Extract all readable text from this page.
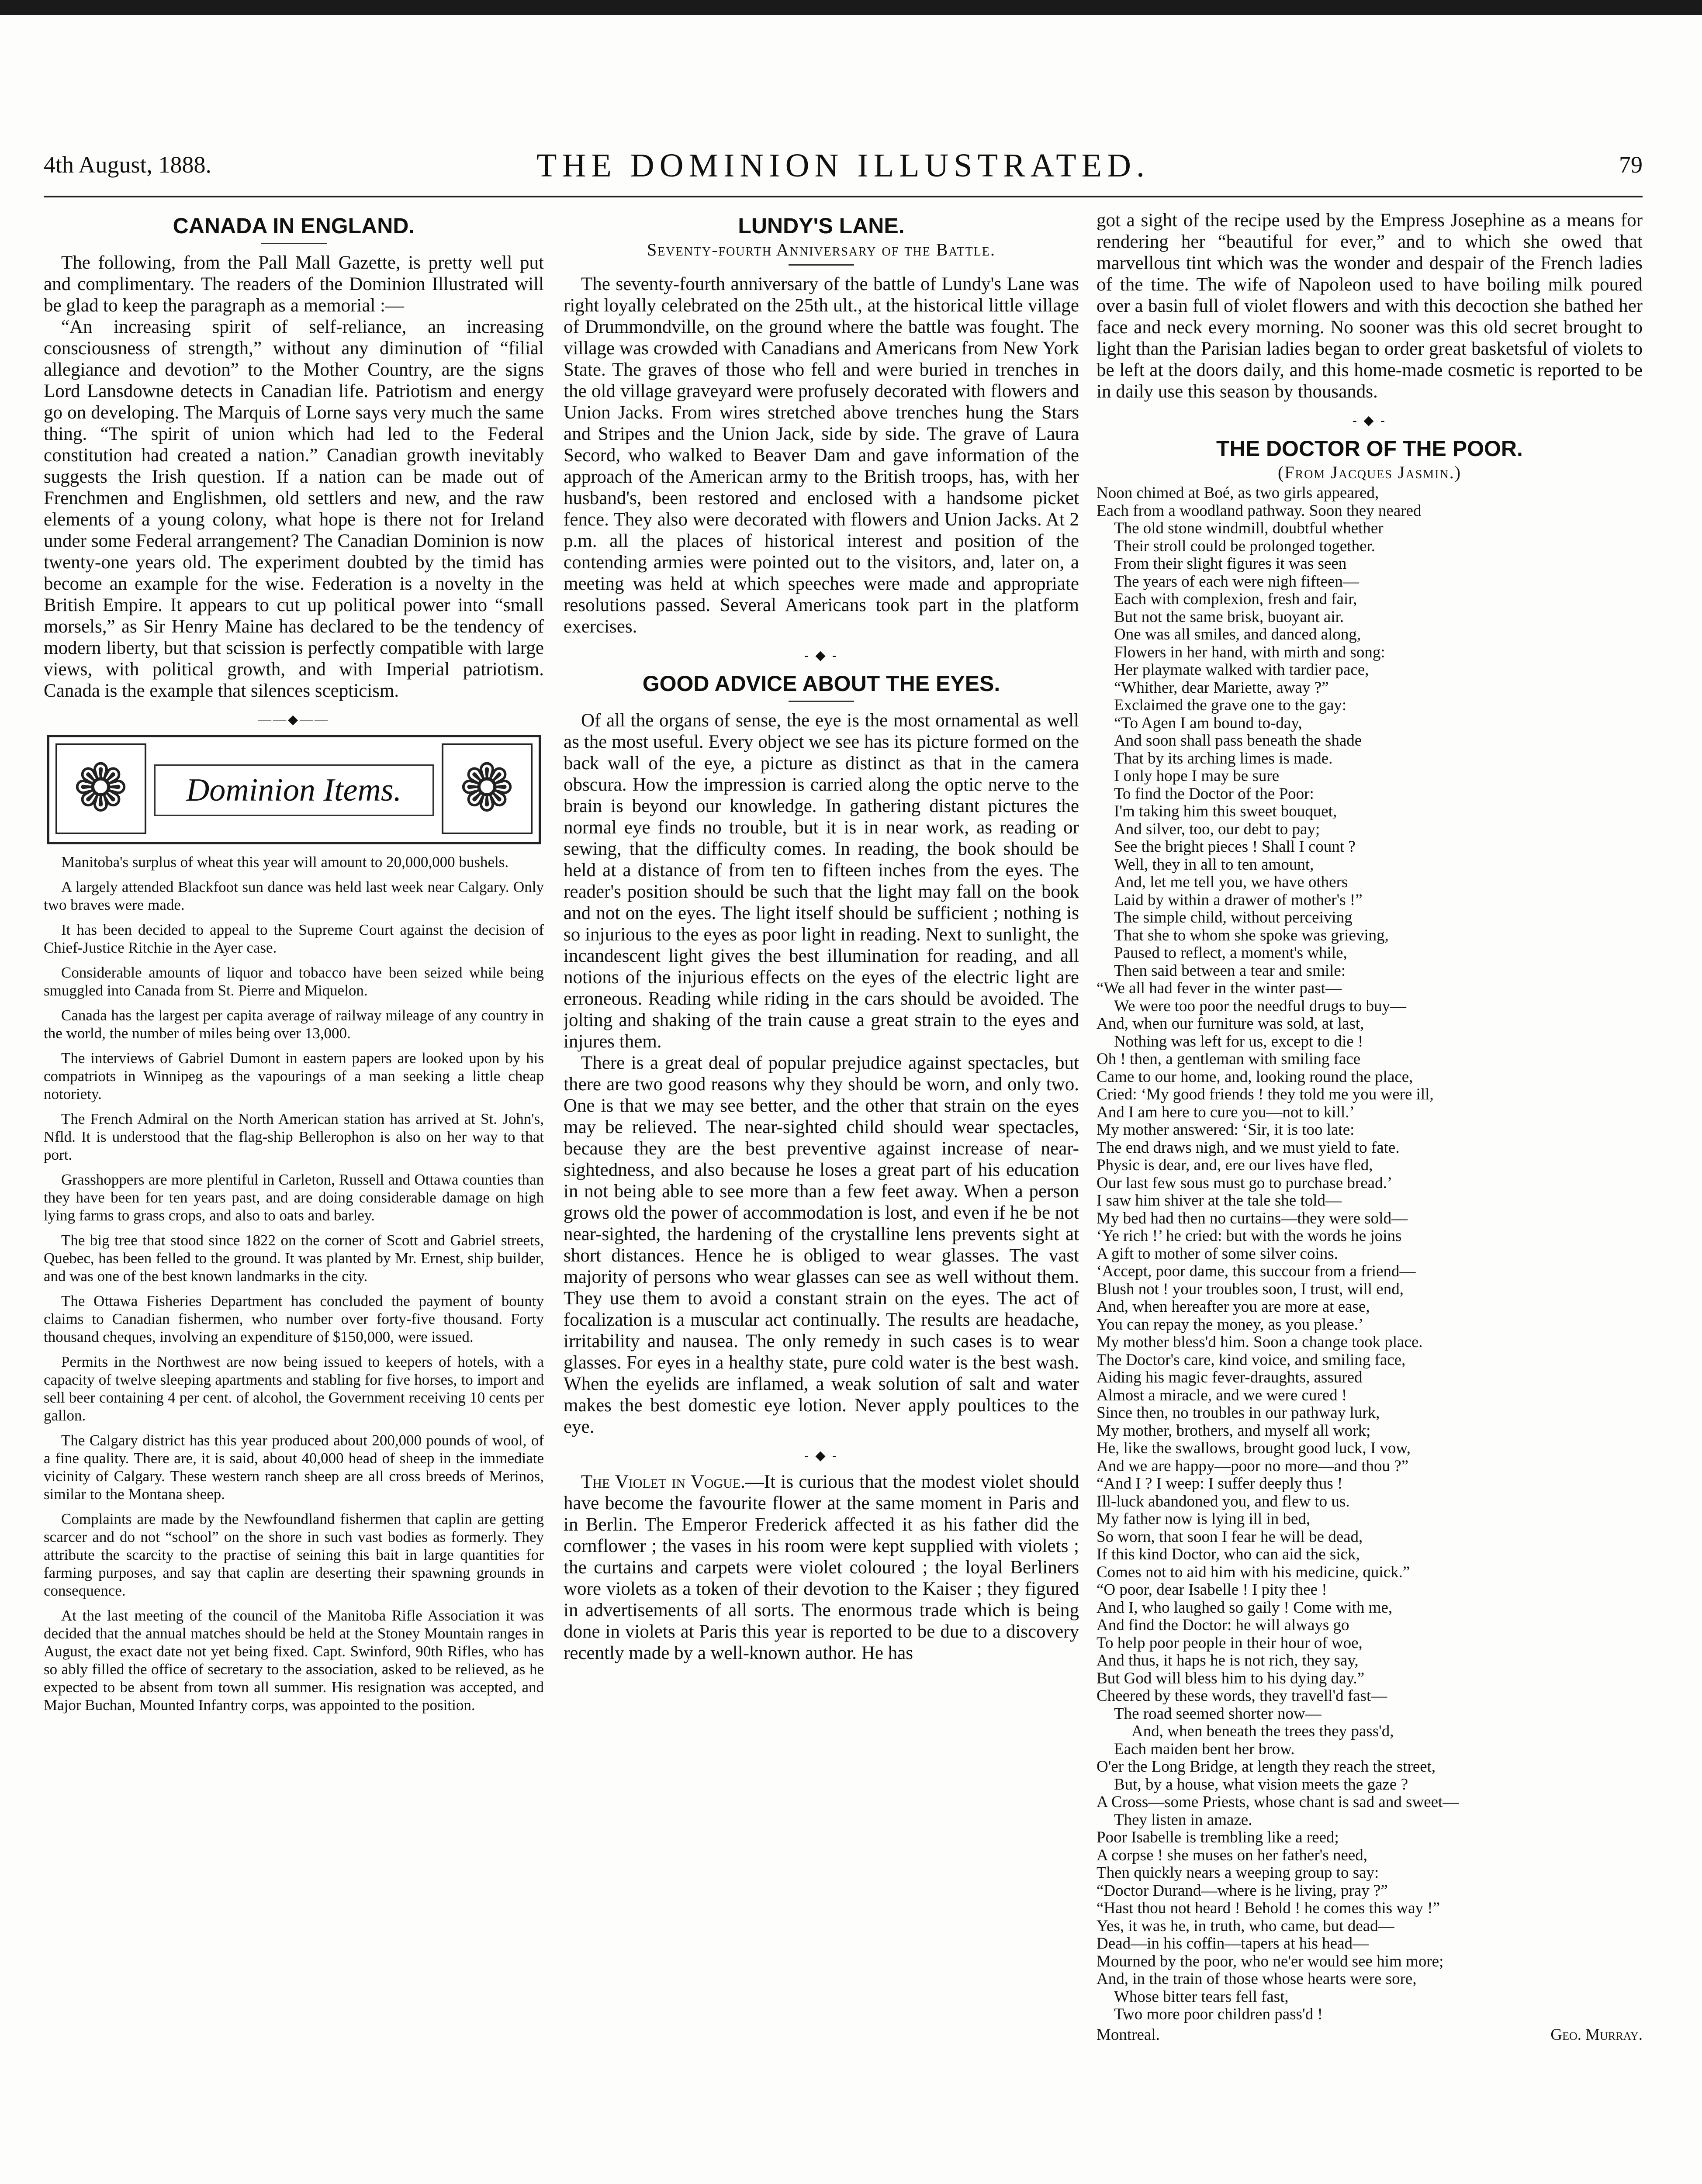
4th August, 1888.	THE DOMINION ILLUSTRATED.	79
CANADA IN ENGLAND.

The following, from the Pall Mall Gazette, is pretty well put and complimentary. The readers of the Dominion Illustrated will be glad to keep the paragraph as a memorial :—

“An increasing spirit of self-reliance, an increasing consciousness of strength,” without any diminution of “filial allegiance and devotion” to the Mother Country, are the signs Lord Lansdowne detects in Canadian life. Patriotism and energy go on developing. The Marquis of Lorne says very much the same thing. “The spirit of union which had led to the Federal constitution had created a nation.” Canadian growth inevitably suggests the Irish question. If a nation can be made out of Frenchmen and Englishmen, old settlers and new, and the raw elements of a young colony, what hope is there not for Ireland under some Federal arrangement? The Canadian Dominion is now twenty-one years old. The experiment doubted by the timid has become an example for the wise. Federation is a novelty in the British Empire. It appears to cut up political power into “small morsels,” as Sir Henry Maine has declared to be the tendency of modern liberty, but that scission is perfectly compatible with large views, with political growth, and with Imperial patriotism. Canada is the example that silences scepticism.

——◆——
❁	Dominion Items. ❁

Manitoba's surplus of wheat this year will amount to 20,000,000 bushels.

A largely attended Blackfoot sun dance was held last week near Calgary. Only two braves were made.

It has been decided to appeal to the Supreme Court against the decision of Chief-Justice Ritchie in the Ayer case.

Considerable amounts of liquor and tobacco have been seized while being smuggled into Canada from St. Pierre and Miquelon.

Canada has the largest per capita average of railway mileage of any country in the world, the number of miles being over 13,000.

The interviews of Gabriel Dumont in eastern papers are looked upon by his compatriots in Winnipeg as the vapourings of a man seeking a little cheap notoriety.

The French Admiral on the North American station has arrived at St. John's, Nfld. It is understood that the flag-ship Bellerophon is also on her way to that port.

Grasshoppers are more plentiful in Carleton, Russell and Ottawa counties than they have been for ten years past, and are doing considerable damage on high lying farms to grass crops, and also to oats and barley.

The big tree that stood since 1822 on the corner of Scott and Gabriel streets, Quebec, has been felled to the ground. It was planted by Mr. Ernest, ship builder, and was one of the best known landmarks in the city.

The Ottawa Fisheries Department has concluded the payment of bounty claims to Canadian fishermen, who number over forty-five thousand. Forty thousand cheques, involving an expenditure of $150,000, were issued.

Permits in the Northwest are now being issued to keepers of hotels, with a capacity of twelve sleeping apartments and stabling for five horses, to import and sell beer containing 4 per cent. of alcohol, the Government receiving 10 cents per gallon.

The Calgary district has this year produced about 200,000 pounds of wool, of a fine quality. There are, it is said, about 40,000 head of sheep in the immediate vicinity of Calgary. These western ranch sheep are all cross breeds of Merinos, similar to the Montana sheep.

Complaints are made by the Newfoundland fishermen that caplin are getting scarcer and do not “school” on the shore in such vast bodies as formerly. They attribute the scarcity to the practise of seining this bait in large quantities for farming purposes, and say that caplin are deserting their spawning grounds in consequence.

At the last meeting of the council of the Manitoba Rifle Association it was decided that the annual matches should be held at the Stoney Mountain ranges in August, the exact date not yet being fixed. Capt. Swinford, 90th Rifles, who has so ably filled the office of secretary to the association, asked to be relieved, as he expected to be absent from town all summer. His resignation was accepted, and Major Buchan, Mounted Infantry corps, was appointed to the position.

LUNDY'S LANE.
Seventy-fourth Anniversary of the Battle.

The seventy-fourth anniversary of the battle of Lundy's Lane was right loyally celebrated on the 25th ult., at the historical little village of Drummondville, on the ground where the battle was fought. The village was crowded with Canadians and Americans from New York State. The graves of those who fell and were buried in trenches in the old village graveyard were profusely decorated with flowers and Union Jacks. From wires stretched above trenches hung the Stars and Stripes and the Union Jack, side by side. The grave of Laura Secord, who walked to Beaver Dam and gave information of the approach of the American army to the British troops, has, with her husband's, been restored and enclosed with a handsome picket fence. They also were decorated with flowers and Union Jacks. At 2 p.m. all the places of historical interest and position of the contending armies were pointed out to the visitors, and, later on, a meeting was held at which speeches were made and appropriate resolutions passed. Several Americans took part in the platform exercises.

- ◆ -
GOOD ADVICE ABOUT THE EYES.

Of all the organs of sense, the eye is the most ornamental as well as the most useful. Every object we see has its picture formed on the back wall of the eye, a picture as distinct as that in the camera obscura. How the impression is carried along the optic nerve to the brain is beyond our knowledge. In gathering distant pictures the normal eye finds no trouble, but it is in near work, as reading or sewing, that the difficulty comes. In reading, the book should be held at a distance of from ten to fifteen inches from the eyes. The reader's position should be such that the light may fall on the book and not on the eyes. The light itself should be sufficient ; nothing is so injurious to the eyes as poor light in reading. Next to sunlight, the incandescent light gives the best illumination for reading, and all notions of the injurious effects on the eyes of the electric light are erroneous. Reading while riding in the cars should be avoided. The jolting and shaking of the train cause a great strain to the eyes and injures them.

There is a great deal of popular prejudice against spectacles, but there are two good reasons why they should be worn, and only two. One is that we may see better, and the other that strain on the eyes may be relieved. The near-sighted child should wear spectacles, because they are the best preventive against increase of near-sightedness, and also because he loses a great part of his education in not being able to see more than a few feet away. When a person grows old the power of accommodation is lost, and even if he be not near-sighted, the hardening of the crystalline lens prevents sight at short distances. Hence he is obliged to wear glasses. The vast majority of persons who wear glasses can see as well without them. They use them to avoid a constant strain on the eyes. The act of focalization is a muscular act continually. The results are headache, irritability and nausea. The only remedy in such cases is to wear glasses. For eyes in a healthy state, pure cold water is the best wash. When the eyelids are inflamed, a weak solution of salt and water makes the best domestic eye lotion. Never apply poultices to the eye.

- ◆ -

The Violet in Vogue.—It is curious that the modest violet should have become the favourite flower at the same moment in Paris and in Berlin. The Emperor Frederick affected it as his father did the cornflower ; the vases in his room were kept supplied with violets ; the curtains and carpets were violet coloured ; the loyal Berliners wore violets as a token of their devotion to the Kaiser ; they figured in advertisements of all sorts. The enormous trade which is being done in violets at Paris this year is reported to be due to a discovery recently made by a well-known author. He has

got a sight of the recipe used by the Empress Josephine as a means for rendering her “beautiful for ever,” and to which she owed that marvellous tint which was the wonder and despair of the French ladies of the time. The wife of Napoleon used to have boiling milk poured over a basin full of violet flowers and with this decoction she bathed her face and neck every morning. No sooner was this old secret brought to light than the Parisian ladies began to order great basketsful of violets to be left at the doors daily, and this home-made cosmetic is reported to be in daily use this season by thousands.

- ◆ -
THE DOCTOR OF THE POOR.
(From Jacques Jasmin.)
Noon chimed at Boé, as two girls appeared,
Each from a woodland pathway. Soon they neared
The old stone windmill, doubtful whether
Their stroll could be prolonged together.
From their slight figures it was seen
The years of each were nigh fifteen—
Each with complexion, fresh and fair,
But not the same brisk, buoyant air.
One was all smiles, and danced along,
Flowers in her hand, with mirth and song:
Her playmate walked with tardier pace,
“Whither, dear Mariette, away ?”
Exclaimed the grave one to the gay:
“To Agen I am bound to-day,
And soon shall pass beneath the shade
That by its arching limes is made.
I only hope I may be sure
To find the Doctor of the Poor:
I'm taking him this sweet bouquet,
And silver, too, our debt to pay;
See the bright pieces ! Shall I count ?
Well, they in all to ten amount,
And, let me tell you, we have others
Laid by within a drawer of mother's !”
The simple child, without perceiving
That she to whom she spoke was grieving,
Paused to reflect, a moment's while,
Then said between a tear and smile:
“We all had fever in the winter past—
We were too poor the needful drugs to buy—
And, when our furniture was sold, at last,
Nothing was left for us, except to die !
Oh ! then, a gentleman with smiling face
Came to our home, and, looking round the place,
Cried: ‘My good friends ! they told me you were ill,
And I am here to cure you—not to kill.’
My mother answered: ‘Sir, it is too late:
The end draws nigh, and we must yield to fate.
Physic is dear, and, ere our lives have fled,
Our last few sous must go to purchase bread.’
I saw him shiver at the tale she told—
My bed had then no curtains—they were sold—
‘Ye rich !’ he cried: but with the words he joins
A gift to mother of some silver coins.
‘Accept, poor dame, this succour from a friend—
Blush not ! your troubles soon, I trust, will end,
And, when hereafter you are more at ease,
You can repay the money, as you please.’
My mother bless'd him. Soon a change took place.
The Doctor's care, kind voice, and smiling face,
Aiding his magic fever-draughts, assured
Almost a miracle, and we were cured !
Since then, no troubles in our pathway lurk,
My mother, brothers, and myself all work;
He, like the swallows, brought good luck, I vow,
And we are happy—poor no more—and thou ?”
“And I ? I weep: I suffer deeply thus !
Ill-luck abandoned you, and flew to us.
My father now is lying ill in bed,
So worn, that soon I fear he will be dead,
If this kind Doctor, who can aid the sick,
Comes not to aid him with his medicine, quick.”
“O poor, dear Isabelle ! I pity thee !
And I, who laughed so gaily ! Come with me,
And find the Doctor: he will always go
To help poor people in their hour of woe,
And thus, it haps he is not rich, they say,
But God will bless him to his dying day.”
Cheered by these words, they travell'd fast—
The road seemed shorter now—
And, when beneath the trees they pass'd,
Each maiden bent her brow.
O'er the Long Bridge, at length they reach the street,
But, by a house, what vision meets the gaze ?
A Cross—some Priests, whose chant is sad and sweet—
They listen in amaze.
Poor Isabelle is trembling like a reed;
A corpse ! she muses on her father's need,
Then quickly nears a weeping group to say:
“Doctor Durand—where is he living, pray ?”
“Hast thou not heard ! Behold ! he comes this way !”
Yes, it was he, in truth, who came, but dead—
Dead—in his coffin—tapers at his head—
Mourned by the poor, who ne'er would see him more;
And, in the train of those whose hearts were sore,
Whose bitter tears fell fast,
Two more poor children pass'd !
Montreal.	Geo. Murray.
